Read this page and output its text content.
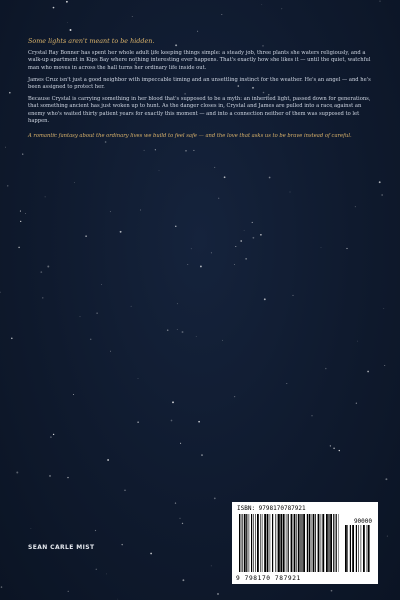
Some lights aren't meant to be hidden.

Crystal Ray Bonner has spent her whole adult life keeping things simple: a steady job, three plants she waters religiously, and a walk-up apartment in Kips Bay where nothing interesting ever happens. That's exactly how she likes it — until the quiet, watchful man who moves in across the hall turns her ordinary life inside out.

James Cruz isn't just a good neighbor with impeccable timing and an unsettling instinct for the weather. He's an angel — and he's been assigned to protect her.

Because Crystal is carrying something in her blood that's supposed to be a myth: an inherited light, passed down for generations, that something ancient has just woken up to hunt. As the danger closes in, Crystal and James are pulled into a race against an enemy who's waited thirty patient years for exactly this moment — and into a connection neither of them was supposed to let happen.

A romantic fantasy about the ordinary lives we build to feel safe — and the love that asks us to be brave instead of careful.

SEAN CARLE MIST
ISBN: 9798170787921
90000
9 798170 787921
